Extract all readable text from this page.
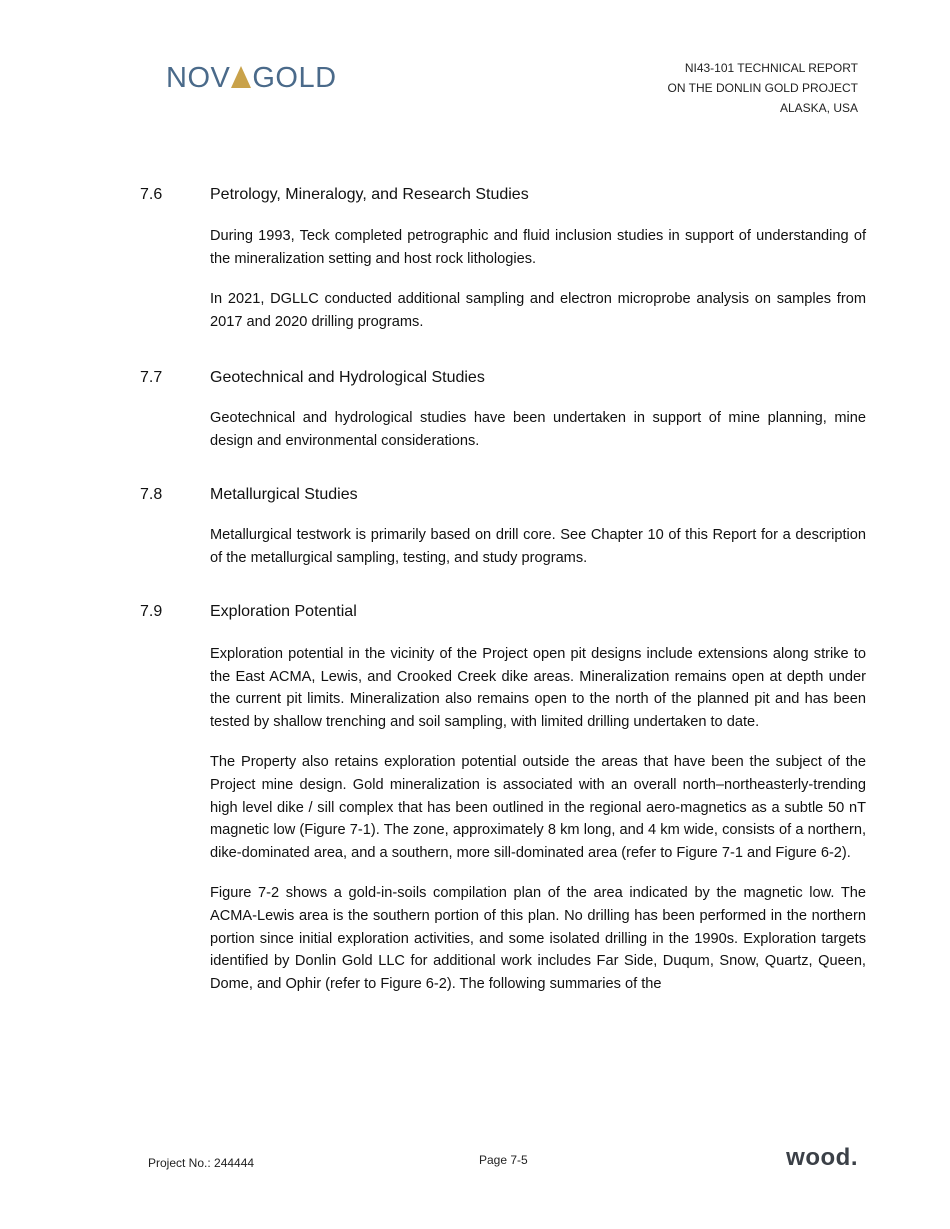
NOV GOLD	NI43-101 TECHNICAL REPORT
ON THE DONLIN GOLD PROJECT
ALASKA, USA
7.6	Petrology, Mineralogy, and Research Studies

During 1993, Teck completed petrographic and fluid inclusion studies in support of understanding of the mineralization setting and host rock lithologies.

In 2021, DGLLC conducted additional sampling and electron microprobe analysis on samples from 2017 and 2020 drilling programs.

7.7	Geotechnical and Hydrological Studies

Geotechnical and hydrological studies have been undertaken in support of mine planning, mine design and environmental considerations.

7.8	Metallurgical Studies

Metallurgical testwork is primarily based on drill core. See Chapter 10 of this Report for a description of the metallurgical sampling, testing, and study programs.

7.9	Exploration Potential

Exploration potential in the vicinity of the Project open pit designs include extensions along strike to the East ACMA, Lewis, and Crooked Creek dike areas. Mineralization remains open at depth under the current pit limits. Mineralization also remains open to the north of the planned pit and has been tested by shallow trenching and soil sampling, with limited drilling undertaken to date.

The Property also retains exploration potential outside the areas that have been the subject of the Project mine design. Gold mineralization is associated with an overall north–northeasterly-trending high level dike / sill complex that has been outlined in the regional aero-magnetics as a subtle 50 nT magnetic low (Figure 7-1). The zone, approximately 8 km long, and 4 km wide, consists of a northern, dike-dominated area, and a southern, more sill-dominated area (refer to Figure 7-1 and Figure 6-2).

Figure 7-2 shows a gold-in-soils compilation plan of the area indicated by the magnetic low. The ACMA-Lewis area is the southern portion of this plan. No drilling has been performed in the northern portion since initial exploration activities, and some isolated drilling in the 1990s. Exploration targets identified by Donlin Gold LLC for additional work includes Far Side, Duqum, Snow, Quartz, Queen, Dome, and Ophir (refer to Figure 6-2). The following summaries of the

Project No.: 244444	Page 7-5	wood.
